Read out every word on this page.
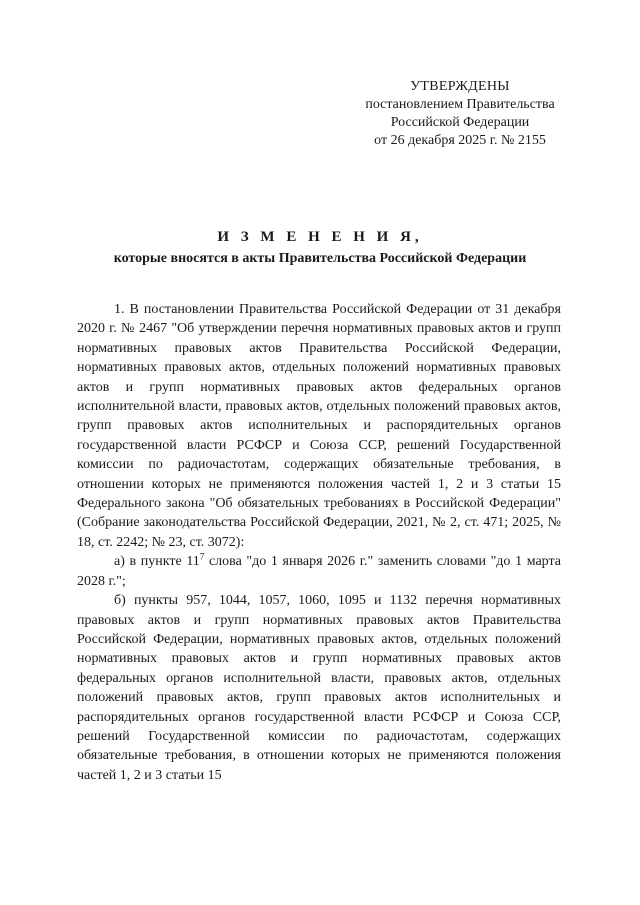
УТВЕРЖДЕНЫ
постановлением Правительства
Российской Федерации
от 26 декабря 2025 г. № 2155
И З М Е Н Е Н И Я,
которые вносятся в акты Правительства Российской Федерации

1. В постановлении Правительства Российской Федерации от 31 декабря 2020 г. № 2467 "Об утверждении перечня нормативных правовых актов и групп нормативных правовых актов Правительства Российской Федерации, нормативных правовых актов, отдельных положений нормативных правовых актов и групп нормативных правовых актов федеральных органов исполнительной власти, правовых актов, отдельных положений правовых актов, групп правовых актов исполнительных и распорядительных органов государственной власти РСФСР и Союза ССР, решений Государственной комиссии по радиочастотам, содержащих обязательные требования, в отношении которых не применяются положения частей 1, 2 и 3 статьи 15 Федерального закона "Об обязательных требованиях в Российской Федерации" (Собрание законодательства Российской Федерации, 2021, № 2, ст. 471; 2025, № 18, ст. 2242; № 23, ст. 3072):

а) в пункте $11^7$ слова "до 1 января 2026 г." заменить словами "до 1 марта 2028 г.";

б) пункты 957, 1044, 1057, 1060, 1095 и 1132 перечня нормативных правовых актов и групп нормативных правовых актов Правительства Российской Федерации, нормативных правовых актов, отдельных положений нормативных правовых актов и групп нормативных правовых актов федеральных органов исполнительной власти, правовых актов, отдельных положений правовых актов, групп правовых актов исполнительных и распорядительных органов государственной власти РСФСР и Союза ССР, решений Государственной комиссии по радиочастотам, содержащих обязательные требования, в отношении которых не применяются положения частей 1, 2 и 3 статьи 15
